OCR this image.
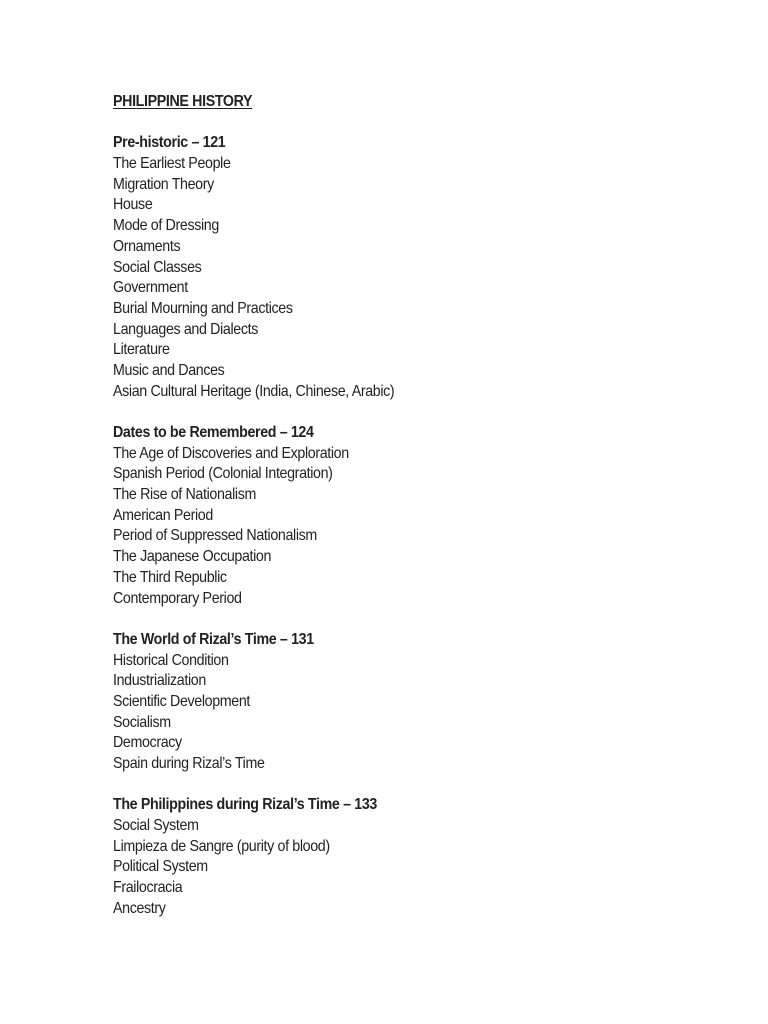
PHILIPPINE HISTORY
Pre-historic – 121
The Earliest People
Migration Theory
House
Mode of Dressing
Ornaments
Social Classes
Government
Burial Mourning and Practices
Languages and Dialects
Literature
Music and Dances
Asian Cultural Heritage (India, Chinese, Arabic)
Dates to be Remembered – 124
The Age of Discoveries and Exploration
Spanish Period (Colonial Integration)
The Rise of Nationalism
American Period
Period of Suppressed Nationalism
The Japanese Occupation
The Third Republic
Contemporary Period
The World of Rizal’s Time – 131
Historical Condition
Industrialization
Scientific Development
Socialism
Democracy
Spain during Rizal’s Time
The Philippines during Rizal’s Time – 133
Social System
Limpieza de Sangre (purity of blood)
Political System
Frailocracia
Ancestry
